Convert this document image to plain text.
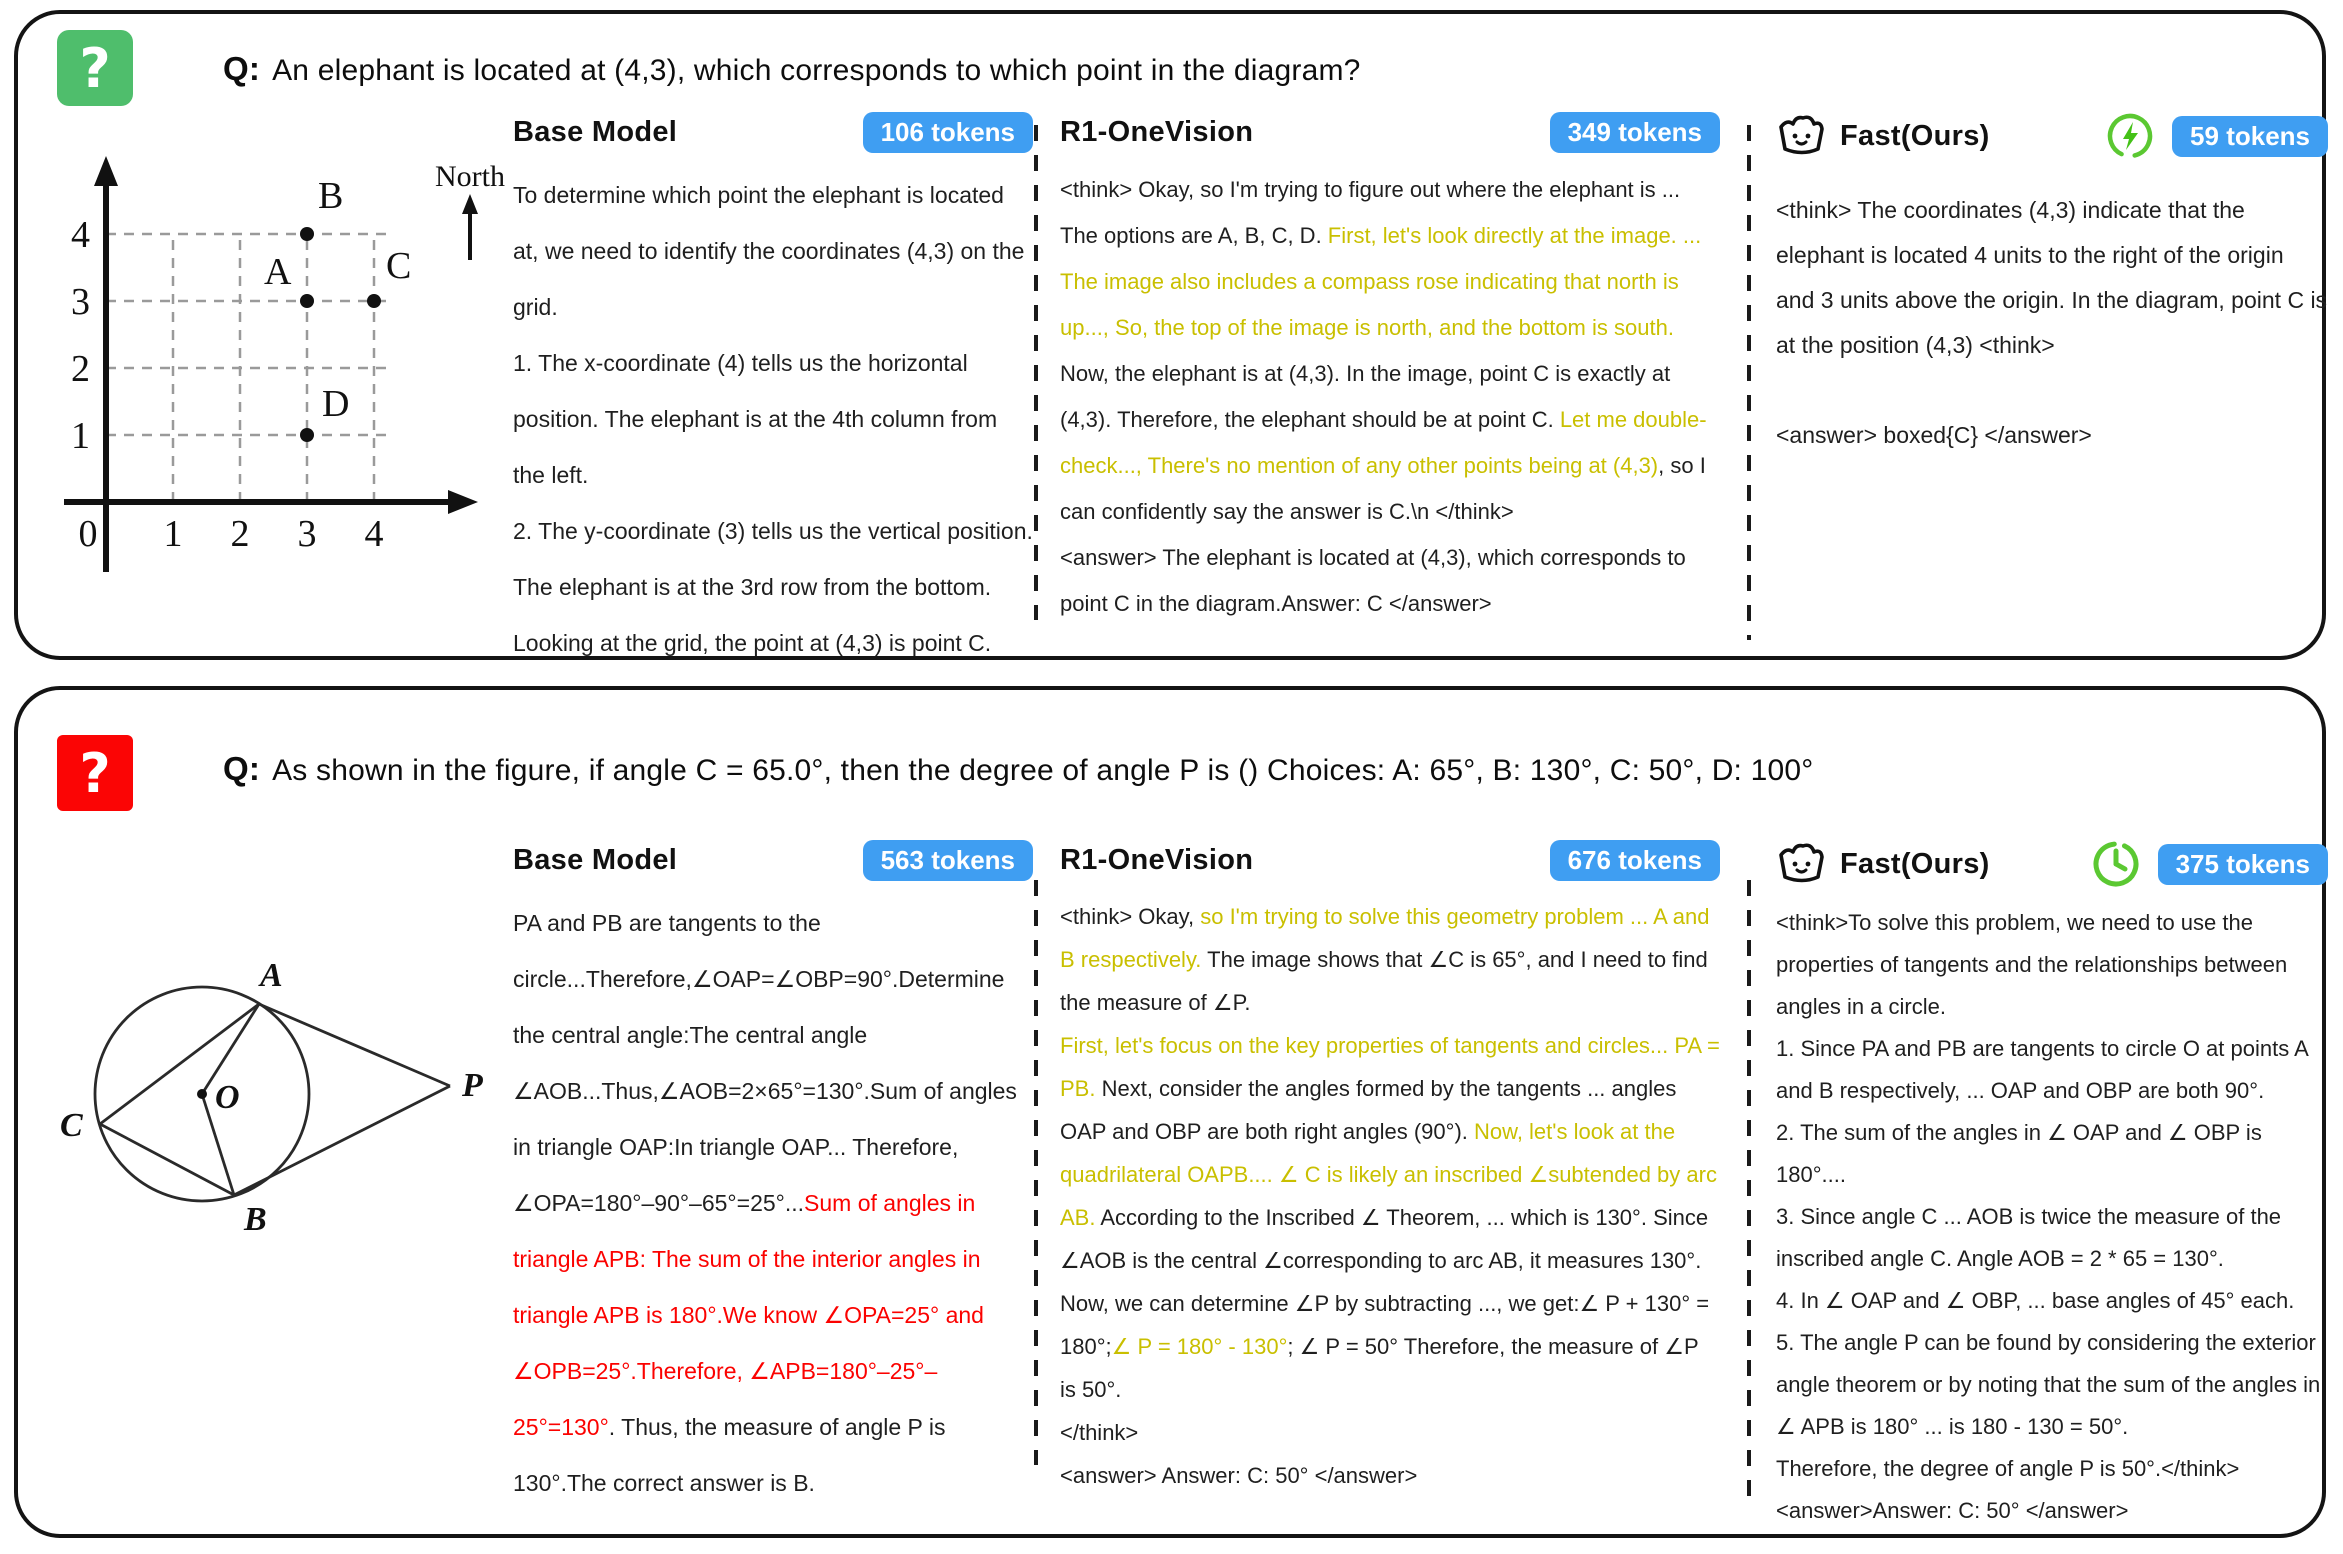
?	Q: An elephant is located at (4,3), which corresponds to which point in the diagram?
B
A C
D
1
2
3
4
0 1 2 3 4
North
Base Model	106 tokens

To determine which point the elephant is located at, we need to identify the coordinates (4,3) on the grid.

1. The x-coordinate (4) tells us the horizontal position. The elephant is at the 4th column from the left.

2. The y-coordinate (3) tells us the vertical position. The elephant is at the 3rd row from the bottom. Looking at the grid, the point at (4,3) is point C.

R1-OneVision	349 tokens

<think> Okay, so I'm trying to figure out where the elephant is ... The options are A, B, C, D. First, let's look directly at the image. ... The image also includes a compass rose indicating that north is up..., So, the top of the image is north, and the bottom is south. Now, the elephant is at (4,3). In the image, point C is exactly at (4,3). Therefore, the elephant should be at point C. Let me double-check..., There's no mention of any other points being at (4,3), so I can confidently say the answer is C.\n </think>

<answer> The elephant is located at (4,3), which corresponds to point C in the diagram.Answer: C </answer>

Fast(Ours)	59 tokens

<think> The coordinates (4,3) indicate that the elephant is located 4 units to the right of the origin and 3 units above the origin. In the diagram, point C is at the position (4,3) <think>

<answer> boxed{C} </answer>

?	Q: As shown in the figure, if angle C = 65.0°, then the degree of angle P is () Choices: A: 65°, B: 130°, C: 50°, D: 100°
A
O
C
B
P
Base Model	563 tokens

PA and PB are tangents to the circle...Therefore,∠OAP=∠OBP=90°.Determine the central angle:The central angle ∠AOB...Thus,∠AOB=2×65°=130°.Sum of angles in triangle OAP:In triangle OAP... Therefore, ∠OPA=180°–90°–65°=25°...Sum of angles in triangle APB: The sum of the interior angles in triangle APB is 180°.We know ∠OPA=25° and ∠OPB=25°.Therefore, ∠APB=180°–25°–25°=130°. Thus, the measure of angle P is 130°.The correct answer is B.

R1-OneVision	676 tokens

<think> Okay, so I'm trying to solve this geometry problem ... A and B respectively. The image shows that ∠C is 65°, and I need to find the measure of ∠P.

First, let's focus on the key properties of tangents and circles... PA = PB. Next, consider the angles formed by the tangents ... angles OAP and OBP are both right angles (90°). Now, let's look at the quadrilateral OAPB.... ∠ C is likely an inscribed ∠subtended by arc AB. According to the Inscribed ∠ Theorem, ... which is 130°. Since ∠AOB is the central ∠corresponding to arc AB, it measures 130°. Now, we can determine ∠P by subtracting ..., we get:∠ P + 130° = 180°;∠ P = 180° - 130°; ∠ P = 50° Therefore, the measure of ∠P is 50°.

</think>

<answer> Answer: C: 50° </answer>

Fast(Ours)	375 tokens

<think>To solve this problem, we need to use the properties of tangents and the relationships between angles in a circle.

1. Since PA and PB are tangents to circle O at points A and B respectively, ... OAP and OBP are both 90°.

2. The sum of the angles in ∠ OAP and ∠ OBP is 180°....

3. Since angle C ... AOB is twice the measure of the inscribed angle C. Angle AOB = 2 * 65 = 130°.

4. In ∠ OAP and ∠ OBP, ... base angles of 45° each.

5. The angle P can be found by considering the exterior angle theorem or by noting that the sum of the angles in ∠ APB is 180° ... is 180 - 130 = 50°.

Therefore, the degree of angle P is 50°.</think>

<answer>Answer: C: 50° </answer>
